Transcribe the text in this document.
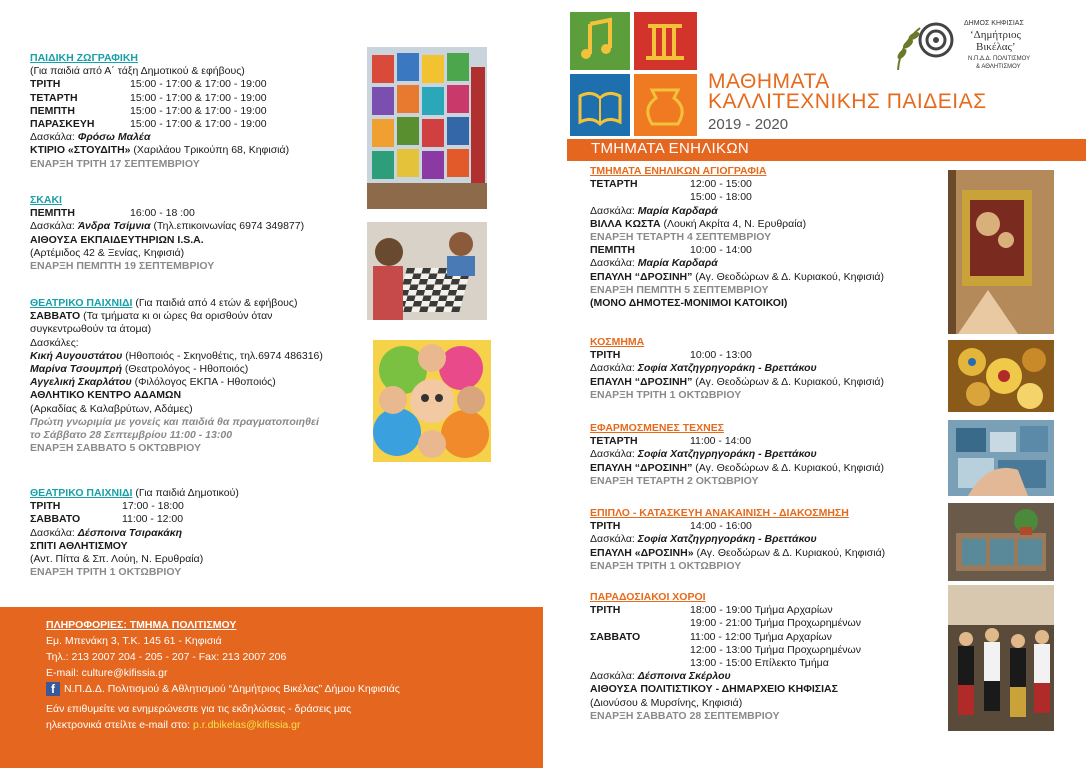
ΠΑΙΔΙΚΗ ΖΩΓΡΑΦΙΚΗ
(Για παιδιά από Α΄ τάξη Δημοτικού & εφήβους)
ΤΡΙΤΗ	15:00 - 17:00 & 17:00 - 19:00
ΤΕΤΑΡΤΗ	15:00 - 17:00 & 17:00 - 19:00
ΠΕΜΠΤΗ	15:00 - 17:00 & 17:00 - 19:00
ΠΑΡΑΣΚΕΥΗ	15:00 - 17:00 & 17:00 - 19:00
Δασκάλα: Φρόσω Μαλέα
ΚΤΙΡΙΟ «ΣΤΟΥΔΙΤΗ» (Χαριλάου Τρικούπη 68, Κηφισιά)
ΕΝΑΡΞΗ ΤΡΙΤΗ 17 ΣΕΠΤΕΜΒΡΙΟΥ
ΣΚΑΚΙ
ΠΕΜΠΤΗ	16:00 - 18 :00
Δασκάλα: Άνδρα Τσίμνια (Τηλ.επικοινωνίας 6974 349877)
ΑΙΘΟΥΣΑ ΕΚΠΑΙΔΕΥΤΗΡΙΩΝ I.S.A.
(Αρτέμιδος 42 & Ξενίας, Κηφισιά)
ΕΝΑΡΞΗ ΠΕΜΠΤΗ 19 ΣΕΠΤΕΜΒΡΙΟΥ
ΘΕΑΤΡΙΚΟ ΠΑΙΧΝΙΔΙ (Για παιδιά από 4 ετών & εφήβους)
ΣΑΒΒΑΤΟ (Τα τμήματα κι οι ώρες θα ορισθούν όταν
συγκεντρωθούν τα άτομα)
Δασκάλες:
Κική Αυγουστάτου (Ηθοποιός - Σκηνοθέτις, τηλ.6974 486316)
Μαρίνα Τσουμπρή (Θεατρολόγος - Ηθοποιός)
Αγγελική Σκαρλάτου (Φιλόλογος ΕΚΠΑ - Ηθοποιός)
ΑΘΛΗΤΙΚΟ ΚΕΝΤΡΟ ΑΔΑΜΩΝ
(Αρκαδίας & Καλαβρύτων, Αδάμες)
Πρώτη γνωριμία με γονείς και παιδιά θα πραγματοποιηθεί
το Σάββατο 28 Σεπτεμβρίου 11:00 - 13:00
ΕΝΑΡΞΗ ΣΑΒΒΑΤΟ 5 ΟΚΤΩΒΡΙΟΥ
ΘΕΑΤΡΙΚΟ ΠΑΙΧΝΙΔΙ (Για παιδιά Δημοτικού)
ΤΡΙΤΗ	17:00 - 18:00
ΣΑΒΒΑΤΟ	11:00 - 12:00
Δασκάλα: Δέσποινα Τσιρακάκη
ΣΠΙΤΙ ΑΘΛΗΤΙΣΜΟΥ
(Αντ. Πίττα & Σπ. Λούη, Ν. Ερυθραία)
ΕΝΑΡΞΗ ΤΡΙΤΗ 1 ΟΚΤΩΒΡΙΟΥ
ΠΛΗΡΟΦΟΡΙΕΣ: ΤΜΗΜΑ ΠΟΛΙΤΙΣΜΟΥ
Εμ. Μπενάκη 3, Τ.Κ. 145 61 - Κηφισιά
Τηλ.: 213 2007 204 - 205 - 207 - Fax: 213 2007 206
E-mail: culture@kifissia.gr
f Ν.Π.Δ.Δ. Πολιτισμού & Αθλητισμού “Δημήτριος Βικέλας” Δήμου Κηφισιάς
Εάν επιθυμείτε να ενημερώνεστε για τις εκδηλώσεις - δράσεις μας
ηλεκτρονικά στείλτε e-mail στο: p.r.dbikelas@kifissia.gr
ΜΑΘΗΜΑΤΑ
ΚΑΛΛΙΤΕΧΝΙΚΗΣ ΠΑΙΔΕΙΑΣ
2019 - 2020
ΔΗΜΟΣ ΚΗΦΙΣΙΑΣ
‘Δημήτριος
Βικέλας’
Ν.Π.Δ.Δ. ΠΟΛΙΤΙΣΜΟΥ
& ΑΘΛΗΤΙΣΜΟΥ
ΤΜΗΜΑΤΑ ΕΝΗΛΙΚΩΝ
ΤΜΗΜΑΤΑ ΕΝΗΛΙΚΩΝ ΑΓΙΟΓΡΑΦΙΑ
ΤΕΤΑΡΤΗ	12:00 - 15:00
15:00 - 18:00
Δασκάλα: Μαρία Καρδαρά
ΒΙΛΛΑ ΚΩΣΤΑ (Λουκή Ακρίτα 4, Ν. Ερυθραία)
ΕΝΑΡΞΗ ΤΕΤΑΡΤΗ 4 ΣΕΠΤΕΜΒΡΙΟΥ
ΠΕΜΠΤΗ	10:00 - 14:00
Δασκάλα: Μαρία Καρδαρά
ΕΠΑΥΛΗ “ΔΡΟΣΙΝΗ” (Αγ. Θεοδώρων & Δ. Κυριακού, Κηφισιά)
ΕΝΑΡΞΗ ΠΕΜΠΤΗ 5 ΣΕΠΤΕΜΒΡΙΟΥ
(ΜΟΝΟ ΔΗΜΟΤΕΣ-ΜΟΝΙΜΟΙ ΚΑΤΟΙΚΟΙ)
ΚΟΣΜΗΜΑ
ΤΡΙΤΗ	10:00 - 13:00
Δασκάλα: Σοφία Χατζηγρηγοράκη - Βρεττάκου
ΕΠΑΥΛΗ “ΔΡΟΣΙΝΗ” (Αγ. Θεοδώρων & Δ. Κυριακού, Κηφισιά)
ΕΝΑΡΞΗ ΤΡΙΤΗ 1 ΟΚΤΩΒΡΙΟΥ
ΕΦΑΡΜΟΣΜΕΝΕΣ ΤΕΧΝΕΣ
ΤΕΤΑΡΤΗ	11:00 - 14:00
Δασκάλα: Σοφία Χατζηγρηγοράκη - Βρεττάκου
ΕΠΑΥΛΗ “ΔΡΟΣΙΝΗ” (Αγ. Θεοδώρων & Δ. Κυριακού, Κηφισιά)
ΕΝΑΡΞΗ ΤΕΤΑΡΤΗ 2 ΟΚΤΩΒΡΙΟΥ
ΕΠΙΠΛΟ - ΚΑΤΑΣΚΕΥΗ ΑΝΑΚΑΙΝΙΣΗ - ΔΙΑΚΟΣΜΗΣΗ
ΤΡΙΤΗ	14:00 - 16:00
Δασκάλα: Σοφία Χατζηγρηγοράκη - Βρεττάκου
ΕΠΑΥΛΗ «ΔΡΟΣΙΝΗ» (Αγ. Θεοδώρων & Δ. Κυριακού, Κηφισιά)
ΕΝΑΡΞΗ ΤΡΙΤΗ 1 ΟΚΤΩΒΡΙΟΥ
ΠΑΡΑΔΟΣΙΑΚΟΙ ΧΟΡΟΙ
ΤΡΙΤΗ	18:00 - 19:00 Τμήμα Αρχαρίων
19:00 - 21:00 Τμήμα Προχωρημένων
ΣΑΒΒΑΤΟ	11:00 - 12:00 Τμήμα Αρχαρίων
12:00 - 13:00 Τμήμα Προχωρημένων
13:00 - 15:00 Επίλεκτο Τμήμα
Δασκάλα: Δέσποινα Σκέρλου
ΑΙΘΟΥΣΑ ΠΟΛΙΤΙΣΤΙΚΟΥ - ΔΗΜΑΡΧΕΙΟ ΚΗΦΙΣΙΑΣ
(Διονύσου & Μυρσίνης, Κηφισιά)
ΕΝΑΡΞΗ ΣΑΒΒΑΤΟ 28 ΣΕΠΤΕΜΒΡΙΟΥ
